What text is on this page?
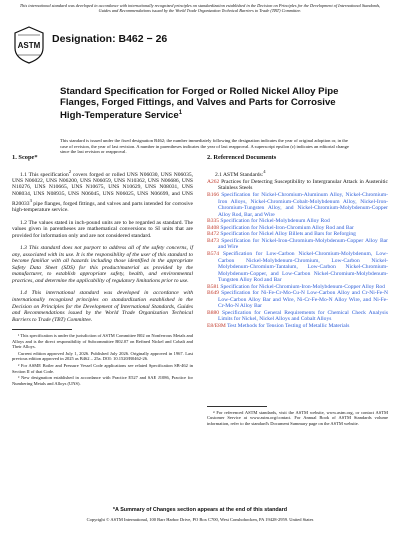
This international standard was developed in accordance with internationally recognized principles on standardization established in the Decision on Principles for the Development of International Standards, Guides and Recommendations issued by the World Trade Organization Technical Barriers to Trade (TBT) Committee.
ASTM
Designation: B462 − 26
Standard Specification for Forged or Rolled Nickel Alloy Pipe Flanges, Forged Fittings, and Valves and Parts for Corrosive High-Temperature Service$^1$
This standard is issued under the fixed designation B462; the number immediately following the designation indicates the year of original adoption or, in the case of revision, the year of last revision. A number in parentheses indicates the year of last reapproval. A superscript epsilon (ε) indicates an editorial change since the last revision or reapproval.
1. Scope*

1.1 This specification$^2$ covers forged or rolled UNS N06030, UNS N06035, UNS N06022, UNS N06200, UNS N06059, UNS N10362, UNS N06686, UNS N10276, UNS N10665, UNS N10675, UNS N10629, UNS N08031, UNS N08034, UNS N08935, UNS N06045, UNS N06025, UNS N06699, and UNS R20033$^3$ pipe flanges, forged fittings, and valves and parts intended for corrosive high-temperature service.

1.2 The values stated in inch-pound units are to be regarded as standard. The values given in parentheses are mathematical conversions to SI units that are provided for information only and are not considered standard.

1.3 This standard does not purport to address all of the safety concerns, if any, associated with its use. It is the responsibility of the user of this standard to become familiar with all hazards including those identified in the appropriate Safety Data Sheet (SDS) for this product/material as provided by the manufacturer, to establish appropriate safety, health, and environmental practices, and determine the applicability of regulatory limitations prior to use.

1.4 This international standard was developed in accordance with internationally recognized principles on standardization established in the Decision on Principles for the Development of International Standards, Guides and Recommendations issued by the World Trade Organization Technical Barriers to Trade (TBT) Committee.

¹ This specification is under the jurisdiction of ASTM Committee B02 on Nonferrous Metals and Alloys and is the direct responsibility of Subcommittee B02.07 on Refined Nickel and Cobalt and Their Alloys.

Current edition approved July 1, 2026. Published July 2026. Originally approved in 1967. Last previous edition approved in 2025 as B462 – 25a. DOI: 10.1520/B0462-26.

² For ASME Boiler and Pressure Vessel Code applications see related Specification SB-462 in Section II of that Code.

³ New designation established in accordance with Practice E527 and SAE J1086, Practice for Numbering Metals and Alloys (UNS).

2. Referenced Documents

2.1 ASTM Standards:$^4$

A262 Practices for Detecting Susceptibility to Intergranular Attack in Austenitic Stainless Steels

B166 Specification for Nickel-Chromium-Aluminum Alloy, Nickel-Chromium-Iron Alloys, Nickel-Chromium-Cobalt-Molybdenum Alloy, Nickel-Iron-Chromium-Tungsten Alloy, and Nickel-Chromium-Molybdenum-Copper Alloy Rod, Bar, and Wire

B335 Specification for Nickel-Molybdenum Alloy Rod

B408 Specification for Nickel-Iron-Chromium Alloy Rod and Bar

B472 Specification for Nickel Alloy Billets and Bars for Reforging

B473 Specification for Nickel-Iron-Chromium-Molybdenum-Copper Alloy Bar and Wire

B574 Specification for Low-Carbon Nickel-Chromium-Molybdenum, Low-Carbon Nickel-Molybdenum-Chromium, Low-Carbon Nickel-Molybdenum-Chromium-Tantalum, Low-Carbon Nickel-Chromium-Molybdenum-Copper, and Low-Carbon Nickel-Chromium-Molybdenum-Tungsten Alloy Rod and Bar

B581 Specification for Nickel-Chromium-Iron-Molybdenum-Copper Alloy Rod

B649 Specification for Ni-Fe-Cr-Mo-Cu-N Low-Carbon Alloy and Cr-Ni-Fe-N Low-Carbon Alloy Bar and Wire, Ni-Cr-Fe-Mo-N Alloy Wire, and Ni-Fe-Cr-Mo-N Alloy Bar

B880 Specification for General Requirements for Chemical Check Analysis Limits for Nickel, Nickel Alloys and Cobalt Alloys

E8/E8M Test Methods for Tension Testing of Metallic Materials

⁴ For referenced ASTM standards, visit the ASTM website, www.astm.org, or contact ASTM Customer Service at www.astm.org/contact. For Annual Book of ASTM Standards volume information, refer to the standard's Document Summary page on the ASTM website.

*A Summary of Changes section appears at the end of this standard
Copyright © ASTM International, 100 Barr Harbor Drive, PO Box C700, West Conshohocken, PA 19428-2959. United States
